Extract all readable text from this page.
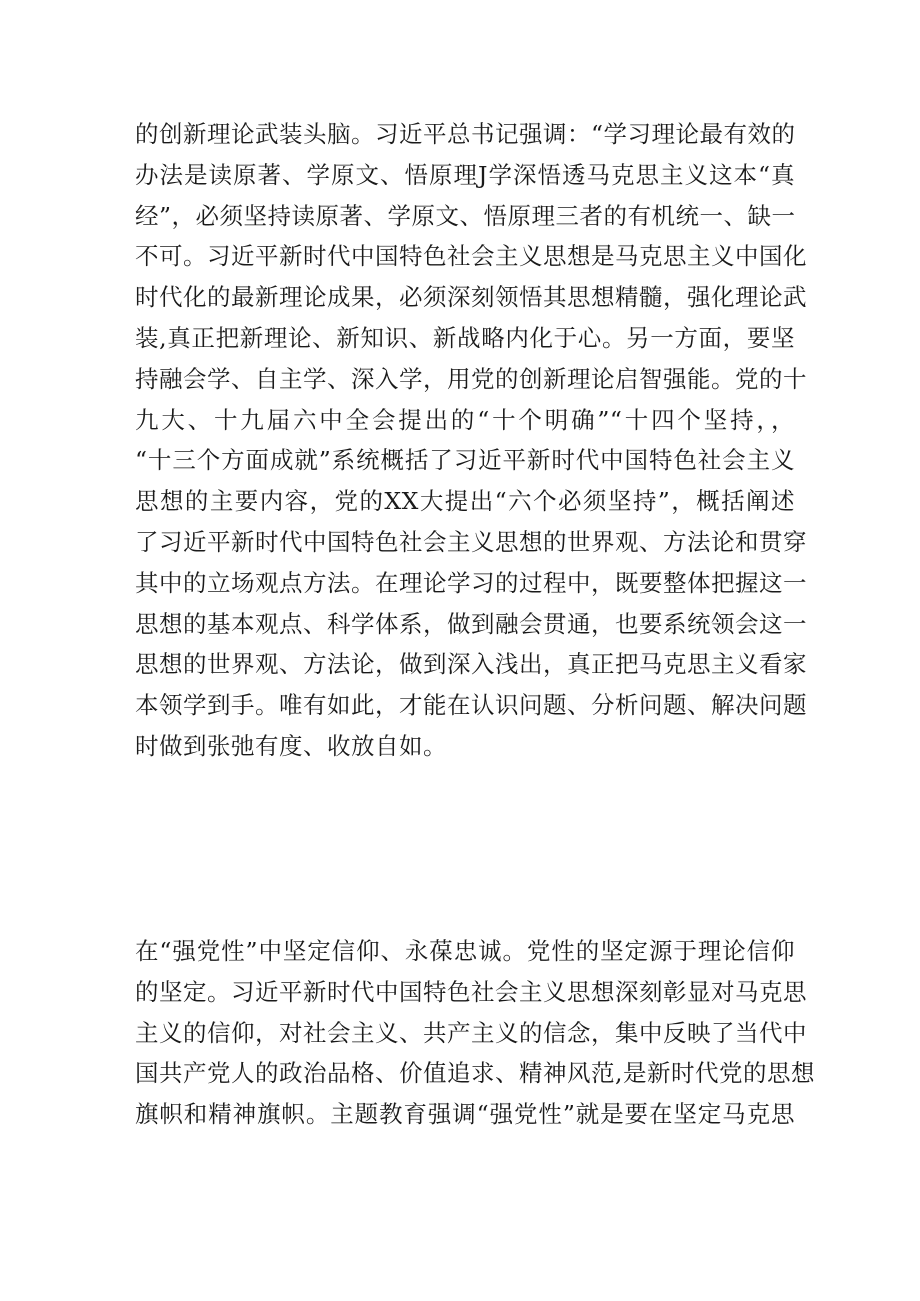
的创新理论武装头脑。习近平总书记强调：“学习理论最有效的
办法是读原著、学原文、悟原理J学深悟透马克思主义这本“真
经”，必须坚持读原著、学原文、悟原理三者的有机统一、缺一
不可。习近平新时代中国特色社会主义思想是马克思主义中国化
时代化的最新理论成果，必须深刻领悟其思想精髓，强化理论武
装,真正把新理论、新知识、新战略内化于心。另一方面，要坚
持融会学、自主学、深入学，用党的创新理论启智强能。党的十
九大、十九届六中全会提出的“十个明确”“十四个坚持，，
“十三个方面成就”系统概括了习近平新时代中国特色社会主义
思想的主要内容，党的XX大提出“六个必须坚持”，概括阐述
了习近平新时代中国特色社会主义思想的世界观、方法论和贯穿
其中的立场观点方法。在理论学习的过程中，既要整体把握这一
思想的基本观点、科学体系，做到融会贯通，也要系统领会这一
思想的世界观、方法论，做到深入浅出，真正把马克思主义看家
本领学到手。唯有如此，才能在认识问题、分析问题、解决问题
时做到张弛有度、收放自如。
在“强党性”中坚定信仰、永葆忠诚。党性的坚定源于理论信仰
的坚定。习近平新时代中国特色社会主义思想深刻彰显对马克思
主义的信仰，对社会主义、共产主义的信念，集中反映了当代中
国共产党人的政治品格、价值追求、精神风范,是新时代党的思想
旗帜和精神旗帜。主题教育强调“强党性”就是要在坚定马克思
